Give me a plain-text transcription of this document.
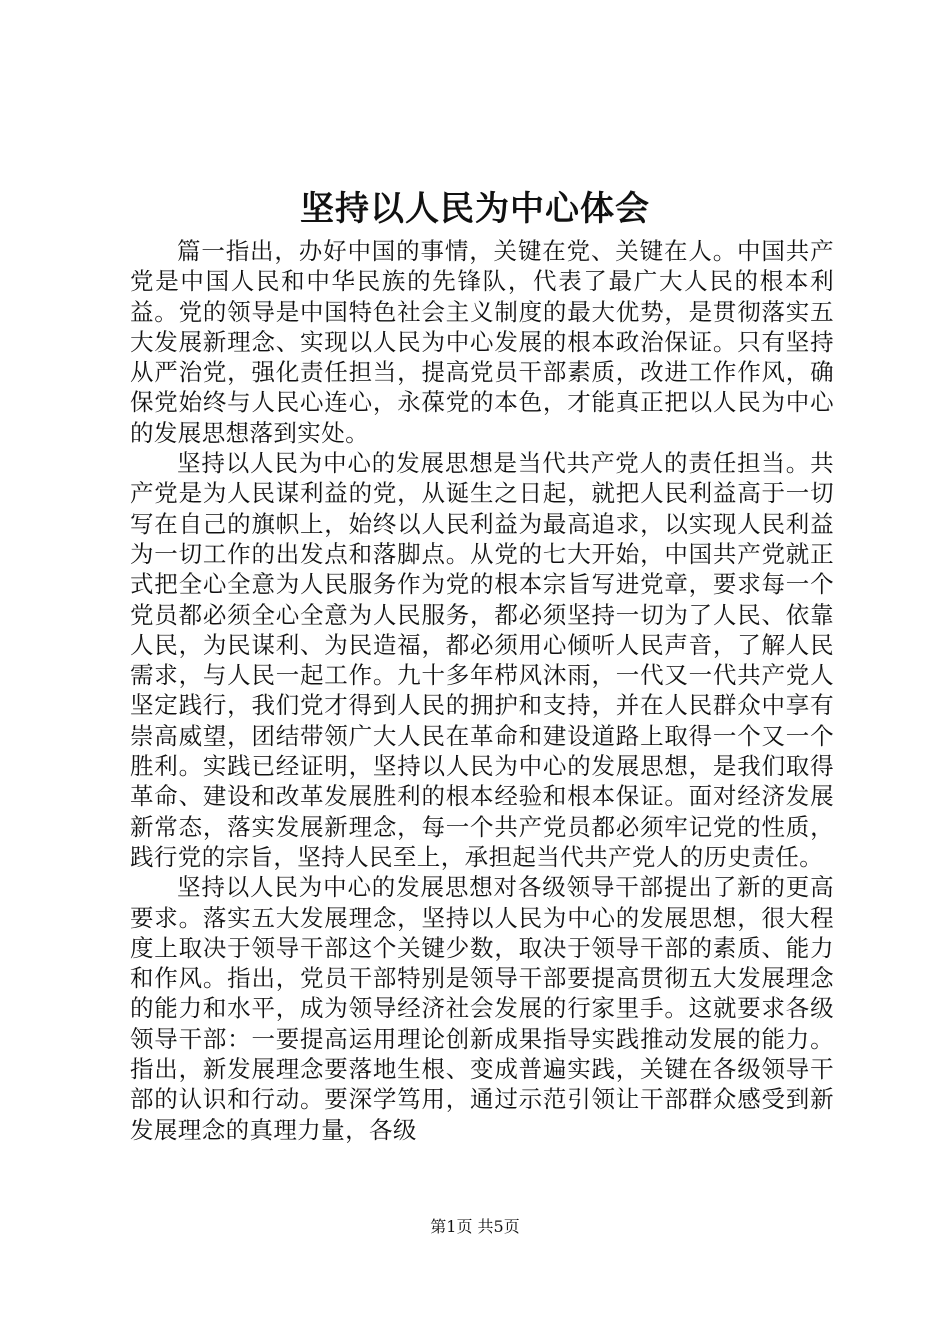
坚持以人民为中心体会

篇一指出，办好中国的事情，关键在党、关键在人。中国共产党是中国人民和中华民族的先锋队，代表了最广大人民的根本利益。党的领导是中国特色社会主义制度的最大优势，是贯彻落实五大发展新理念、实现以人民为中心发展的根本政治保证。只有坚持从严治党，强化责任担当，提高党员干部素质，改进工作作风，确保党始终与人民心连心，永葆党的本色，才能真正把以人民为中心的发展思想落到实处。

坚持以人民为中心的发展思想是当代共产党人的责任担当。共产党是为人民谋利益的党，从诞生之日起，就把人民利益高于一切写在自己的旗帜上，始终以人民利益为最高追求，以实现人民利益为一切工作的出发点和落脚点。从党的七大开始，中国共产党就正式把全心全意为人民服务作为党的根本宗旨写进党章，要求每一个党员都必须全心全意为人民服务，都必须坚持一切为了人民、依靠人民，为民谋利、为民造福，都必须用心倾听人民声音，了解人民需求，与人民一起工作。九十多年栉风沐雨，一代又一代共产党人坚定践行，我们党才得到人民的拥护和支持，并在人民群众中享有崇高威望，团结带领广大人民在革命和建设道路上取得一个又一个胜利。实践已经证明，坚持以人民为中心的发展思想，是我们取得革命、建设和改革发展胜利的根本经验和根本保证。面对经济发展新常态，落实发展新理念，每一个共产党员都必须牢记党的性质，践行党的宗旨，坚持人民至上，承担起当代共产党人的历史责任。

坚持以人民为中心的发展思想对各级领导干部提出了新的更高要求。落实五大发展理念，坚持以人民为中心的发展思想，很大程度上取决于领导干部这个关键少数，取决于领导干部的素质、能力和作风。指出，党员干部特别是领导干部要提高贯彻五大发展理念的能力和水平，成为领导经济社会发展的行家里手。这就要求各级领导干部：一要提高运用理论创新成果指导实践推动发展的能力。指出，新发展理念要落地生根、变成普遍实践，关键在各级领导干部的认识和行动。要深学笃用，通过示范引领让干部群众感受到新发展理念的真理力量，各级

第1页 共5页
